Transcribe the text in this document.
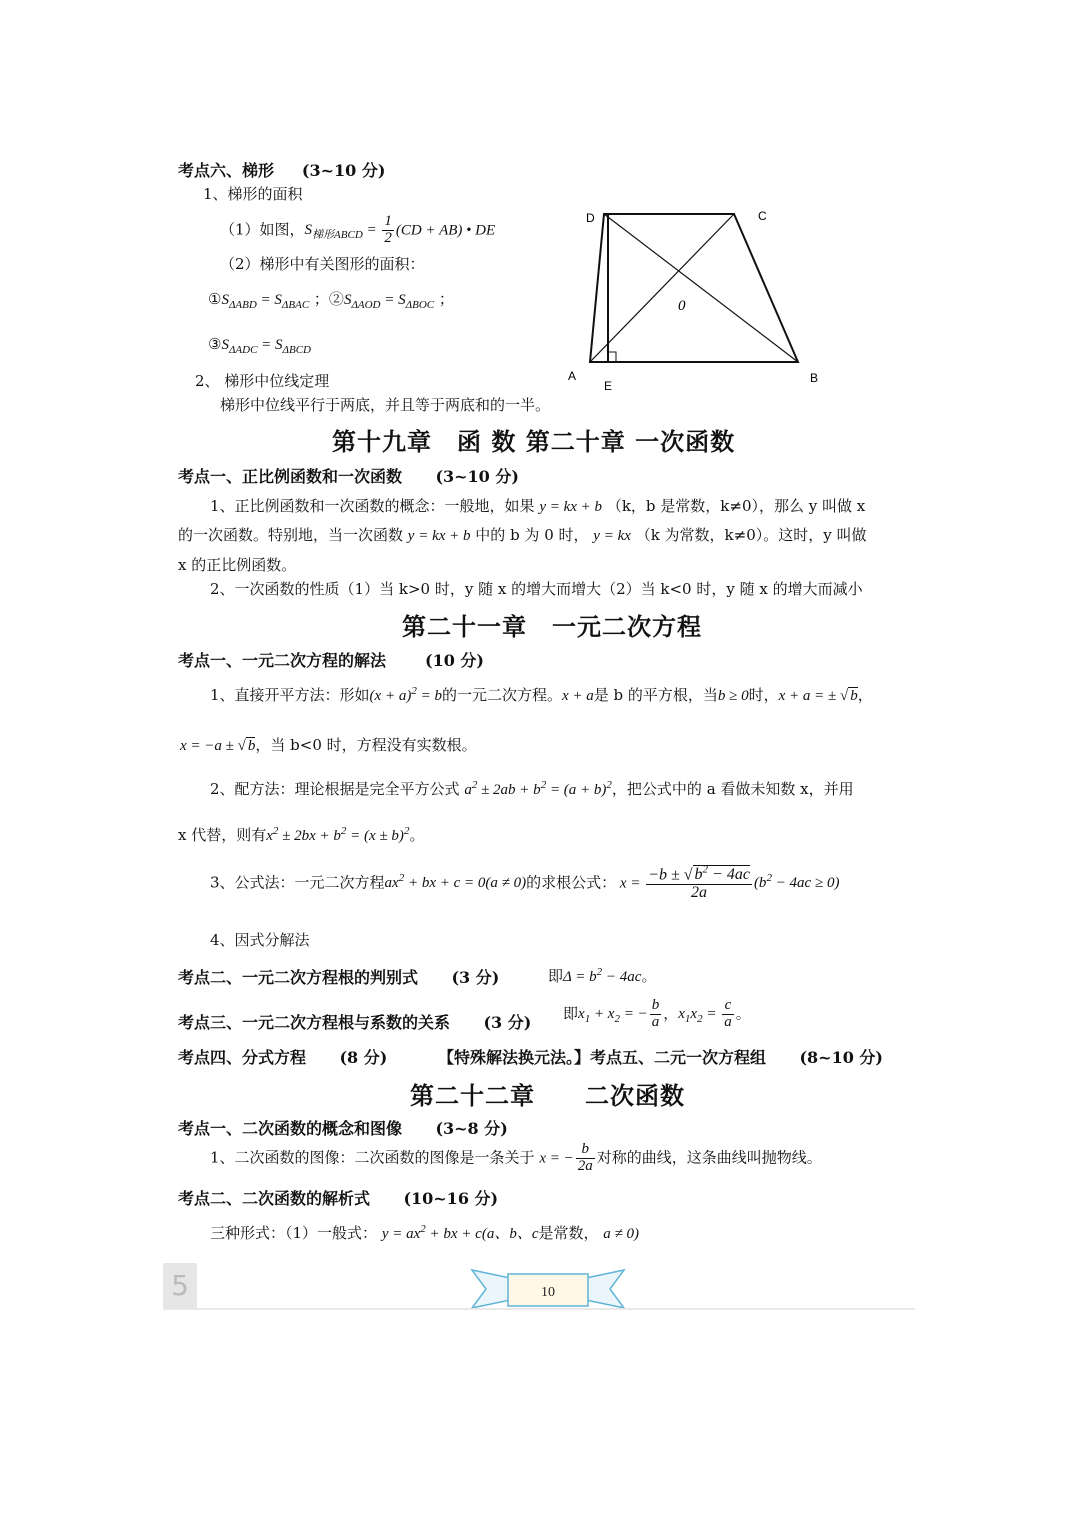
考点六、梯形 (3~10 分)
1、梯形的面积
（1）如图，$S_{梯形ABCD} = \frac{1}{2} (CD + AB)$ • DE
（2）梯形中有关图形的面积：
$①S_{\Delta ABD} = S_{\Delta BAC}$ ；$②S_{\Delta AOD} = S_{\Delta BOC}$ ；
$③S_{\Delta ADC} = S_{\Delta BCD}$
2、 梯形中位线定理
梯形中位线平行于两底，并且等于两底和的一半。
D	C
A
E
B
0
第十九章　函 数 第二十章 一次函数
考点一、正比例函数和一次函数 (3~10 分)
1、正比例函数和一次函数的概念：一般地，如果 y = kx + b （k，b 是常数，k≠0），那么 y 叫做 x
的一次函数。特别地，当一次函数 y = kx + b 中的 b 为 0 时， y = kx （k 为常数，k≠0）。这时，y 叫做
x 的正比例函数。
2、一次函数的性质（1）当 k>0 时，y 随 x 的增大而增大（2）当 k<0 时，y 随 x 的增大而减小
第二十一章　一元二次方程
考点一、一元二次方程的解法 (10 分)
1、直接开平方法：形如$(x + a)^2 = b$的一元二次方程。x + a是 b 的平方根，当b ≥ 0时，x + a = ± √ b，
x = −a ± √ b，当 b<0 时，方程没有实数根。
2、配方法：理论根据是完全平方公式 $a^2 \pm 2ab + b^2 = (a + b)^2$，把公式中的 a 看做未知数 x，并用
x 代替，则有$x^2 \pm 2bx + b^2 = (x \pm b)^2$。
3、公式法：一元二次方程$ax^2$ + bx + c = 0(a ≠ 0)的求根公式： $x = \frac{-b \pm √ b^2 - 4ac}{2a} (b^2 - 4ac \ge 0)$
4、因式分解法
考点二、一元二次方程根的判别式 (3 分)	即$\Delta = b^2 - 4ac$。
考点三、一元二次方程根与系数的关系 (3 分) 即$x_1 + x_2$ = − $\frac{b}{a}$ ，$x_1x_2 = \frac{c}{a}$ 。
考点四、分式方程 (8 分)	【特殊解法换元法。】考点五、二元一次方程组 (8~10 分)
第二十二章　　二次函数
考点一、二次函数的概念和图像 (3~8 分)
1、二次函数的图像：二次函数的图像是一条关于 x = − $\frac{b}{2a}$ 对称的曲线，这条曲线叫抛物线。
考点二、二次函数的解析式 (10~16 分)
三种形式：（1）一般式： $y = ax^2$ + bx + c(a、b、c是常数， a ≠ 0)
5	10
